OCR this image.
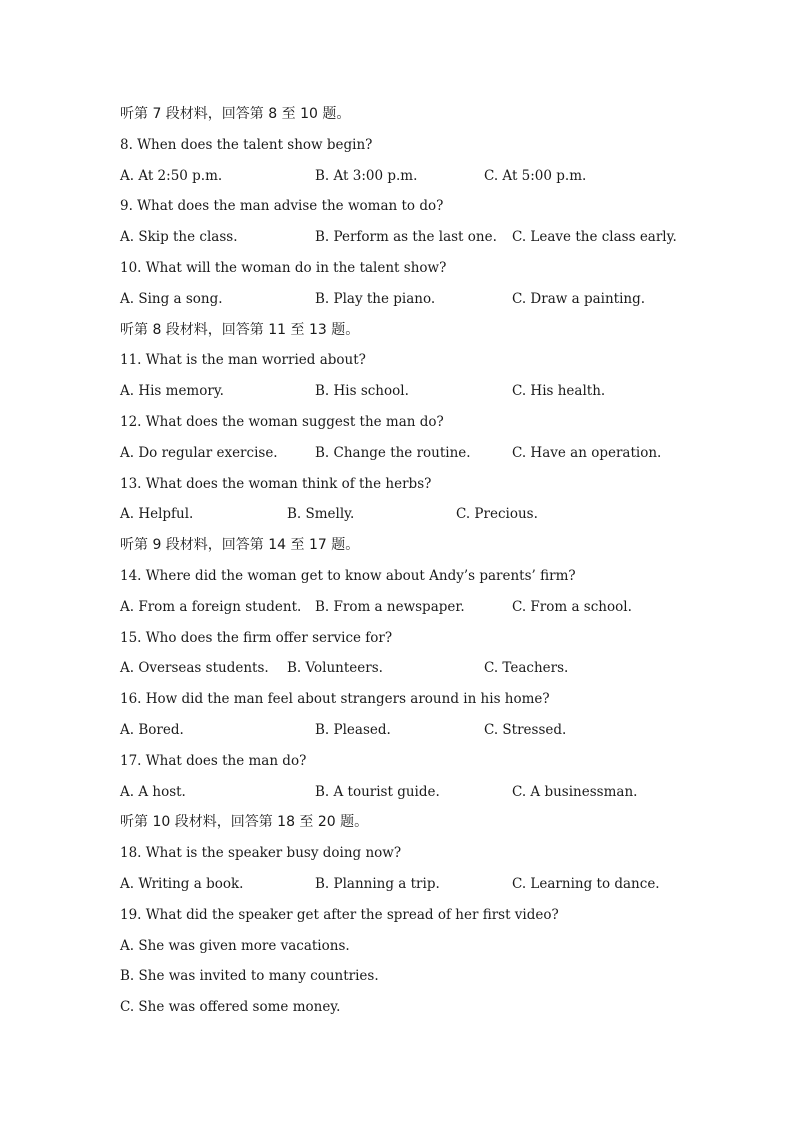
听第 7 段材料，回答第 8 至 10 题。
8. When does the talent show begin?
A. At 2:50 p.m.	B. At 3:00 p.m.	C. At 5:00 p.m.
9. What does the man advise the woman to do?
A. Skip the class.	B. Perform as the last one. C. Leave the class early.
10. What will the woman do in the talent show?
A. Sing a song.	B. Play the piano.	C. Draw a painting.
听第 8 段材料，回答第 11 至 13 题。
11. What is the man worried about?
A. His memory.	B. His school.	C. His health.
12. What does the woman suggest the man do?
A. Do regular exercise.	B. Change the routine.	C. Have an operation.
13. What does the woman think of the herbs?
A. Helpful.	B. Smelly.	C. Precious.
听第 9 段材料，回答第 14 至 17 题。
14. Where did the woman get to know about Andy’s parents’ firm?
A. From a foreign student. B. From a newspaper.	C. From a school.
15. Who does the firm offer service for?
A. Overseas students. B. Volunteers.	C. Teachers.
16. How did the man feel about strangers around in his home?
A. Bored.	B. Pleased.	C. Stressed.
17. What does the man do?
A. A host.	B. A tourist guide.	C. A businessman.
听第 10 段材料，回答第 18 至 20 题。
18. What is the speaker busy doing now?
A. Writing a book.	B. Planning a trip.	C. Learning to dance.
19. What did the speaker get after the spread of her first video?
A. She was given more vacations.
B. She was invited to many countries.
C. She was offered some money.
